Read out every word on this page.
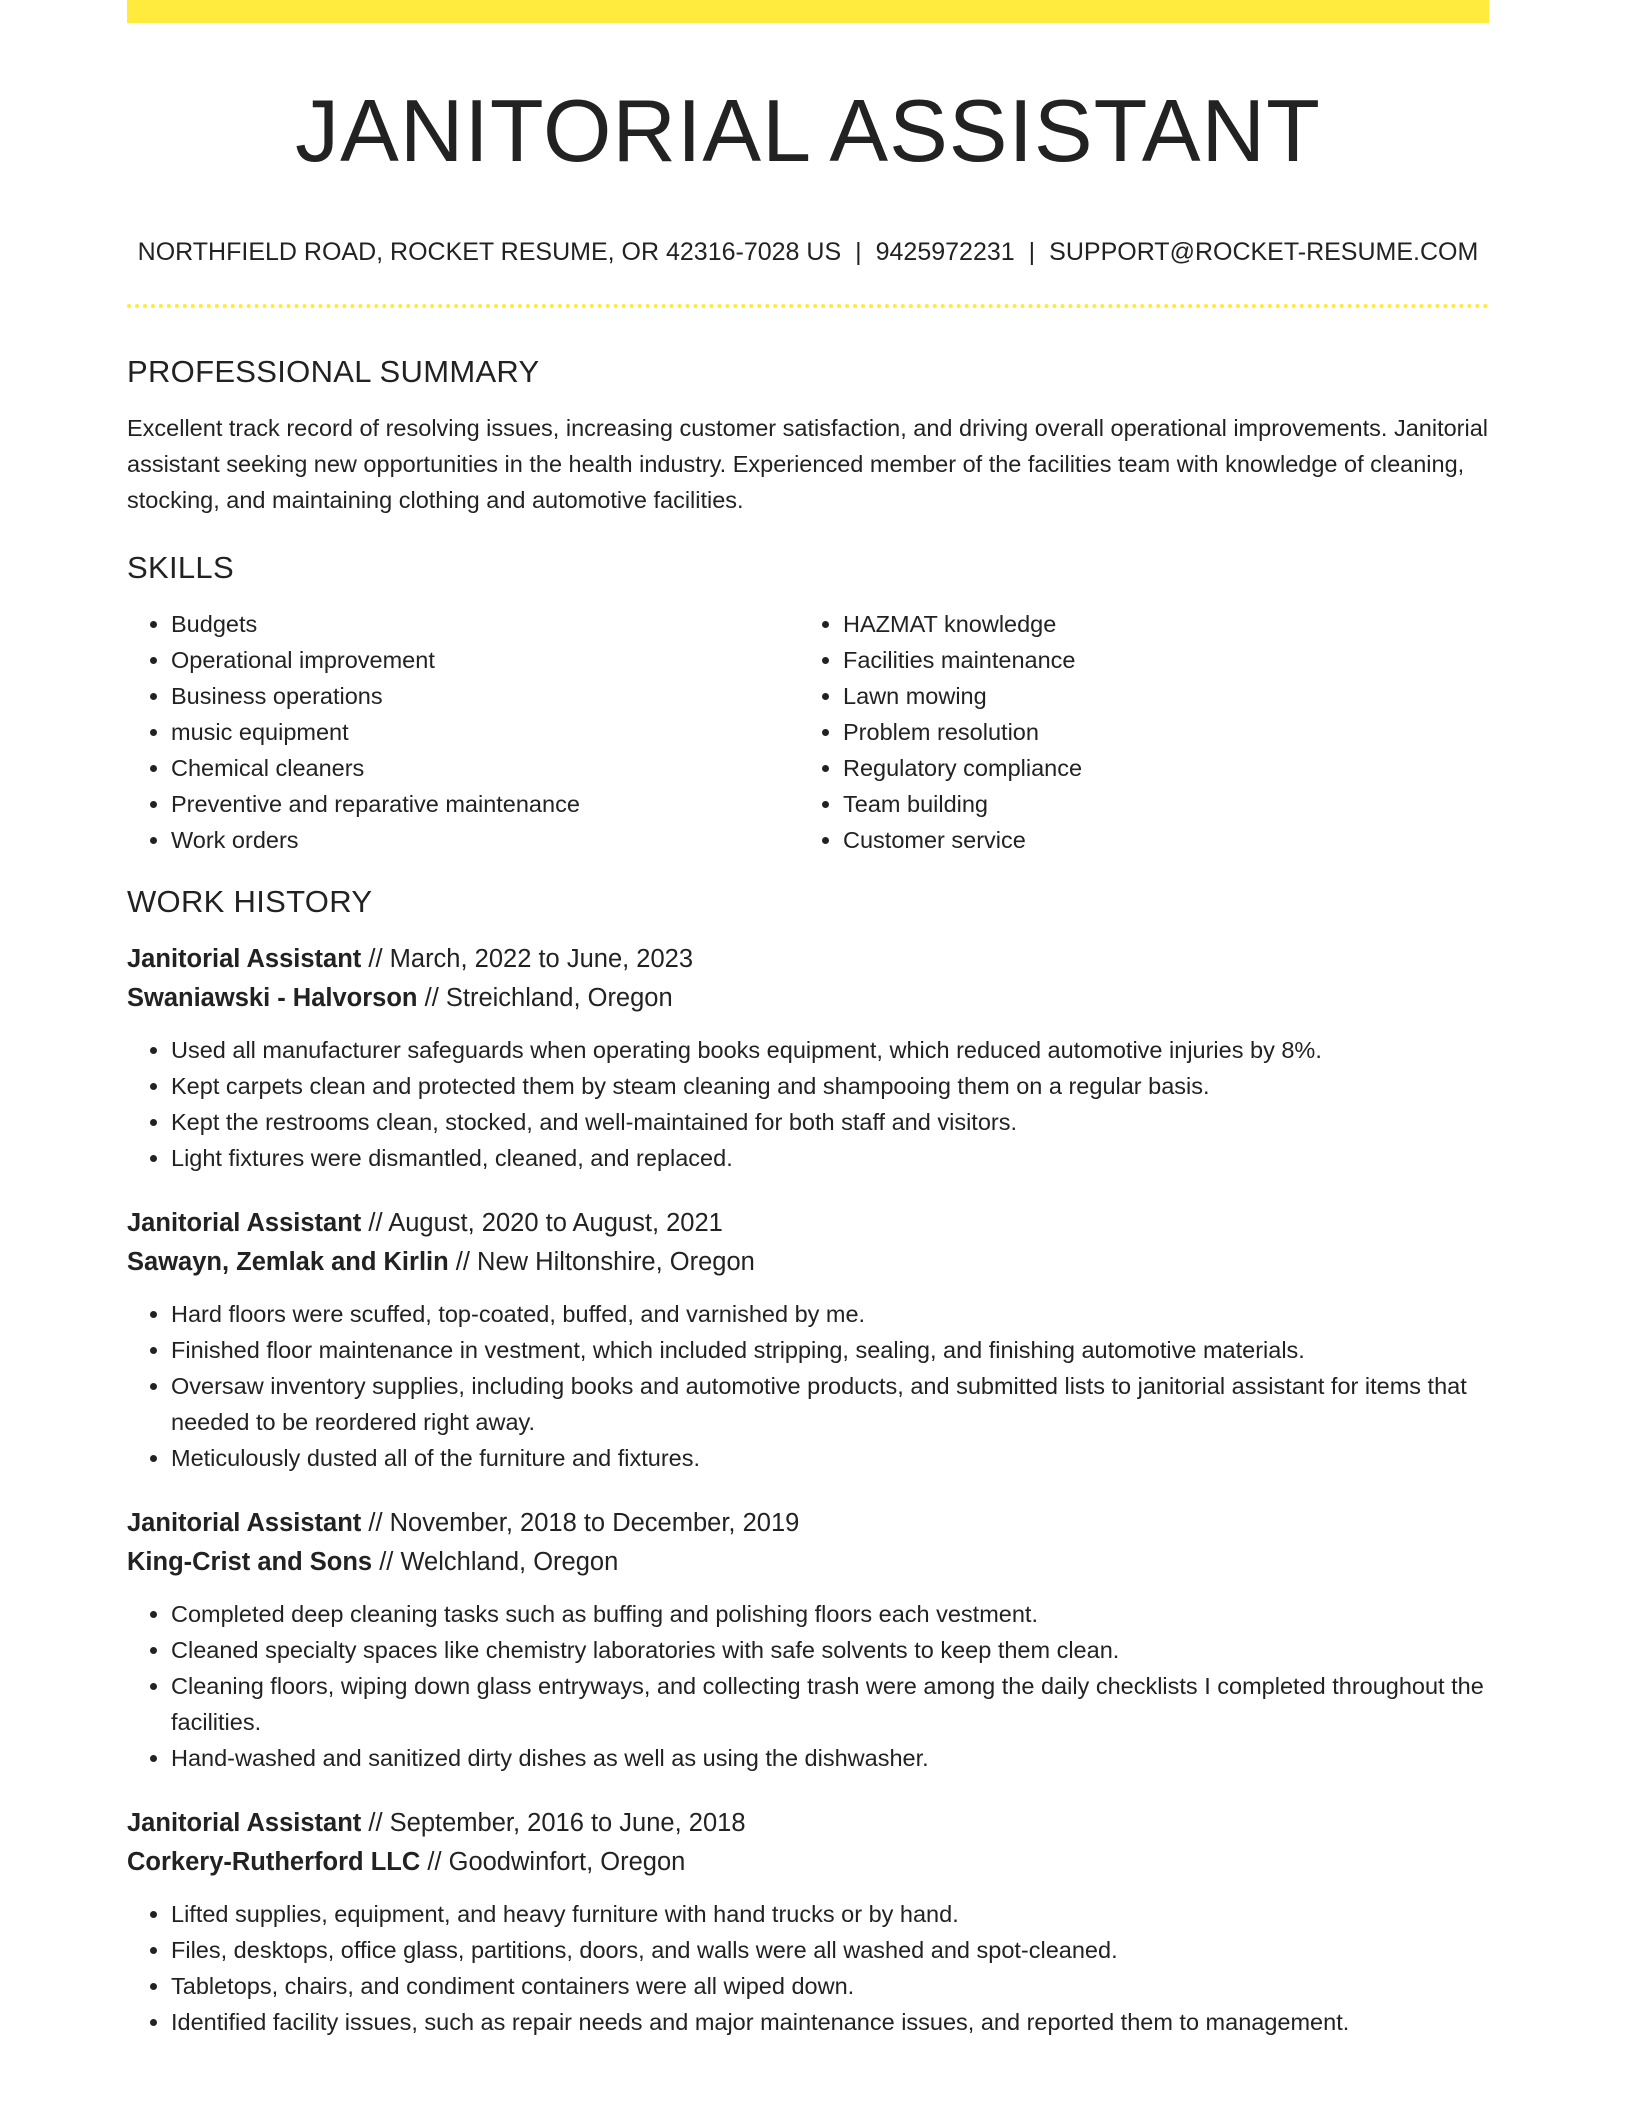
JANITORIAL ASSISTANT
NORTHFIELD ROAD, ROCKET RESUME, OR 42316-7028 US | 9425972231 | SUPPORT@ROCKET-RESUME.COM
PROFESSIONAL SUMMARY

Excellent track record of resolving issues, increasing customer satisfaction, and driving overall operational improvements. Janitorial assistant seeking new opportunities in the health industry. Experienced member of the facilities team with knowledge of cleaning, stocking, and maintaining clothing and automotive facilities.

SKILLS
• Budgets
• Operational improvement
• Business operations
• music equipment
• Chemical cleaners
• Preventive and reparative maintenance
• Work orders
• HAZMAT knowledge
• Facilities maintenance
• Lawn mowing
• Problem resolution
• Regulatory compliance
• Team building
• Customer service
WORK HISTORY
Janitorial Assistant // March, 2022 to June, 2023
Swaniawski - Halvorson // Streichland, Oregon
• Used all manufacturer safeguards when operating books equipment, which reduced automotive injuries by 8%.
• Kept carpets clean and protected them by steam cleaning and shampooing them on a regular basis.
• Kept the restrooms clean, stocked, and well-maintained for both staff and visitors.
• Light fixtures were dismantled, cleaned, and replaced.
Janitorial Assistant // August, 2020 to August, 2021
Sawayn, Zemlak and Kirlin // New Hiltonshire, Oregon
• Hard floors were scuffed, top-coated, buffed, and varnished by me.
• Finished floor maintenance in vestment, which included stripping, sealing, and finishing automotive materials.
• Oversaw inventory supplies, including books and automotive products, and submitted lists to janitorial assistant for items that needed to be reordered right away.
• Meticulously dusted all of the furniture and fixtures.
Janitorial Assistant // November, 2018 to December, 2019
King-Crist and Sons // Welchland, Oregon
• Completed deep cleaning tasks such as buffing and polishing floors each vestment.
• Cleaned specialty spaces like chemistry laboratories with safe solvents to keep them clean.
• Cleaning floors, wiping down glass entryways, and collecting trash were among the daily checklists I completed throughout the facilities.
• Hand-washed and sanitized dirty dishes as well as using the dishwasher.
Janitorial Assistant // September, 2016 to June, 2018
Corkery-Rutherford LLC // Goodwinfort, Oregon
• Lifted supplies, equipment, and heavy furniture with hand trucks or by hand.
• Files, desktops, office glass, partitions, doors, and walls were all washed and spot-cleaned.
• Tabletops, chairs, and condiment containers were all wiped down.
• Identified facility issues, such as repair needs and major maintenance issues, and reported them to management.
